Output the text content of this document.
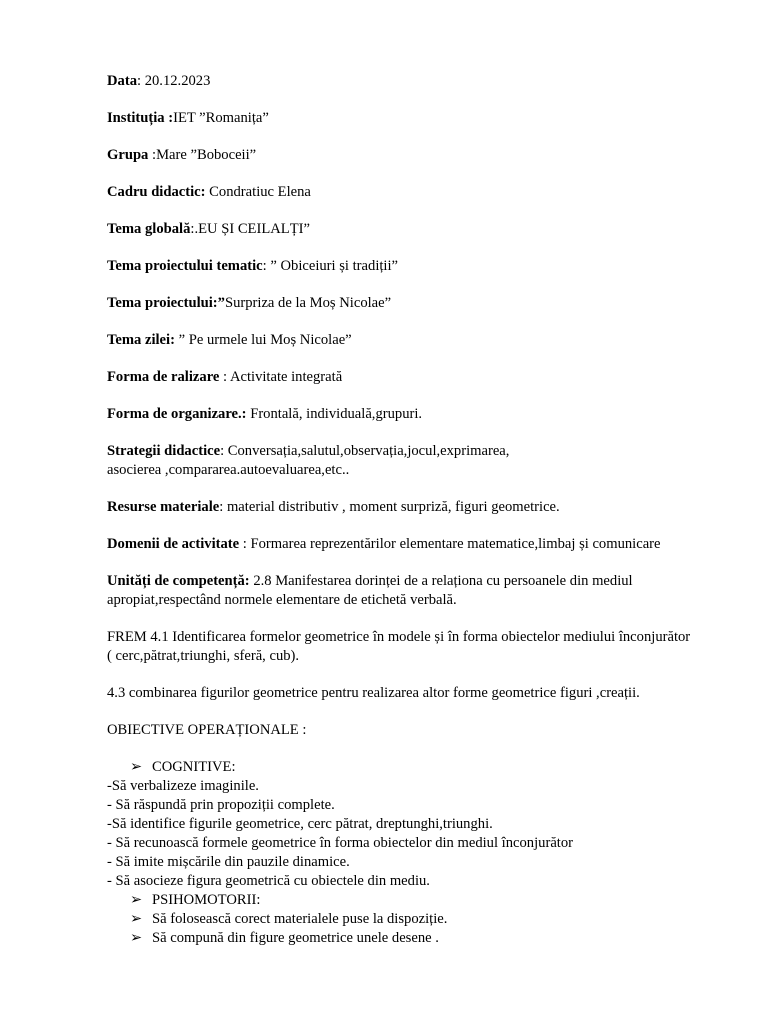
Data: 20.12.2023
Instituția :IET ”Romanița”
Grupa :Mare ”Boboceii”
Cadru didactic: Condratiuc Elena
Tema globală:.EU ȘI CEILALȚI”
Tema proiectului tematic: ” Obiceiuri și tradiții”
Tema proiectului:”Surpriza de la Moș Nicolae”
Tema zilei: ” Pe urmele lui Moș Nicolae”
Forma de ralizare : Activitate integrată
Forma de organizare.: Frontală, individuală,grupuri.
Strategii didactice: Conversația,salutul,observația,jocul,exprimarea,
asocierea ,compararea.autoevaluarea,etc..
Resurse materiale: material distributiv , moment surpriză, figuri geometrice.
Domenii de activitate : Formarea reprezentărilor elementare matematice,limbaj și comunicare
Unități de competență: 2.8 Manifestarea dorinței de a relaționa cu persoanele din mediul
apropiat,respectând normele elementare de etichetă verbală.
FREM 4.1 Identificarea formelor geometrice în modele și în forma obiectelor mediului înconjurător
( cerc,pătrat,triunghi, sferă, cub).
4.3 combinarea figurilor geometrice pentru realizarea altor forme geometrice figuri ,creații.
OBIECTIVE OPERAȚIONALE :
➢ COGNITIVE:
-Să verbalizeze imaginile.
- Să răspundă prin propoziții complete.
-Să identifice figurile geometrice, cerc pătrat, dreptunghi,triunghi.
- Să recunoască formele geometrice în forma obiectelor din mediul înconjurător
- Să imite mișcările din pauzile dinamice.
- Să asocieze figura geometrică cu obiectele din mediu.
➢ PSIHOMOTORII:
➢ Să folosească corect materialele puse la dispoziție.
➢ Să compună din figure geometrice unele desene .
